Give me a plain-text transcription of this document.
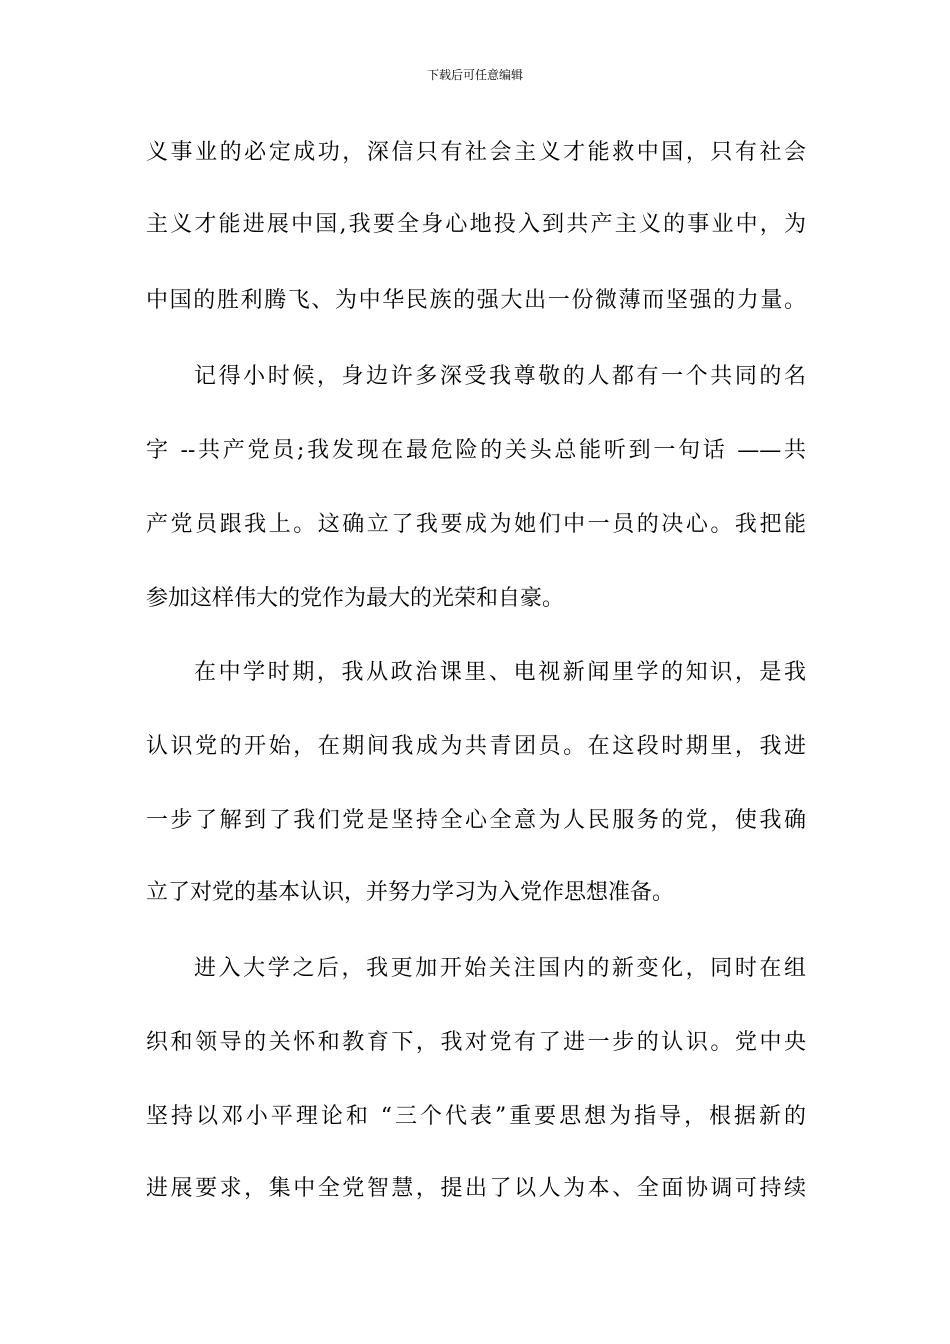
下载后可任意编辑
义事业的必定成功，深信只有社会主义才能救中国，只有社会
主义才能进展中国,我要全身心地投入到共产主义的事业中，为
中国的胜利腾飞、为中华民族的强大出一份微薄而坚强的力量。
记得小时候，身边许多深受我尊敬的人都有一个共同的名
字 --共产党员;我发现在最危险的关头总能听到一句话 ——共
产党员跟我上。这确立了我要成为她们中一员的决心。我把能
参加这样伟大的党作为最大的光荣和自豪。
在中学时期，我从政治课里、电视新闻里学的知识，是我
认识党的开始，在期间我成为共青团员。在这段时期里，我进
一步了解到了我们党是坚持全心全意为人民服务的党，使我确
立了对党的基本认识，并努力学习为入党作思想准备。
进入大学之后，我更加开始关注国内的新变化，同时在组
织和领导的关怀和教育下，我对党有了进一步的认识。党中央
坚持以邓小平理论和 “三个代表”重要思想为指导，根据新的
进展要求，集中全党智慧，提出了以人为本、全面协调可持续
